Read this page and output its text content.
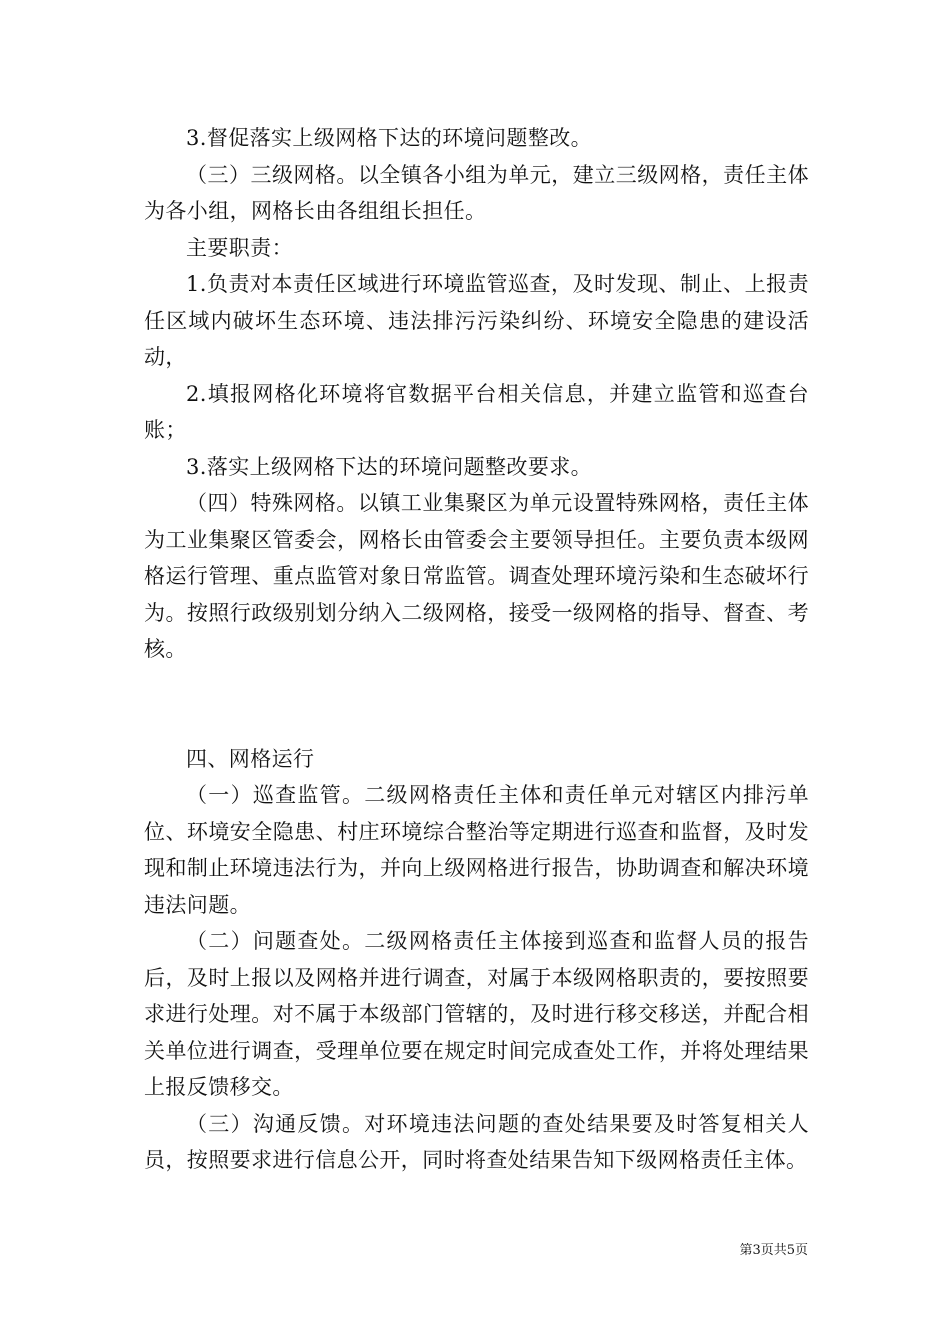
3.督促落实上级网格下达的环境问题整改。

（三）三级网格。以全镇各小组为单元，建立三级网格，责任主体为各小组，网格长由各组组长担任。

主要职责：

1.负责对本责任区域进行环境监管巡查，及时发现、制止、上报责任区域内破坏生态环境、违法排污污染纠纷、环境安全隐患的建设活动，

2.填报网格化环境将官数据平台相关信息，并建立监管和巡查台账；

3.落实上级网格下达的环境问题整改要求。

（四）特殊网格。以镇工业集聚区为单元设置特殊网格，责任主体为工业集聚区管委会，网格长由管委会主要领导担任。主要负责本级网格运行管理、重点监管对象日常监管。调查处理环境污染和生态破坏行为。按照行政级别划分纳入二级网格，接受一级网格的指导、督查、考核。

四、网格运行

（一）巡查监管。二级网格责任主体和责任单元对辖区内排污单位、环境安全隐患、村庄环境综合整治等定期进行巡查和监督，及时发现和制止环境违法行为，并向上级网格进行报告，协助调查和解决环境违法问题。

（二）问题查处。二级网格责任主体接到巡查和监督人员的报告后，及时上报以及网格并进行调查，对属于本级网格职责的，要按照要求进行处理。对不属于本级部门管辖的，及时进行移交移送，并配合相关单位进行调查，受理单位要在规定时间完成查处工作，并将处理结果上报反馈移交。

（三）沟通反馈。对环境违法问题的查处结果要及时答复相关人员，按照要求进行信息公开，同时将查处结果告知下级网格责任主体。

第3页共5页
